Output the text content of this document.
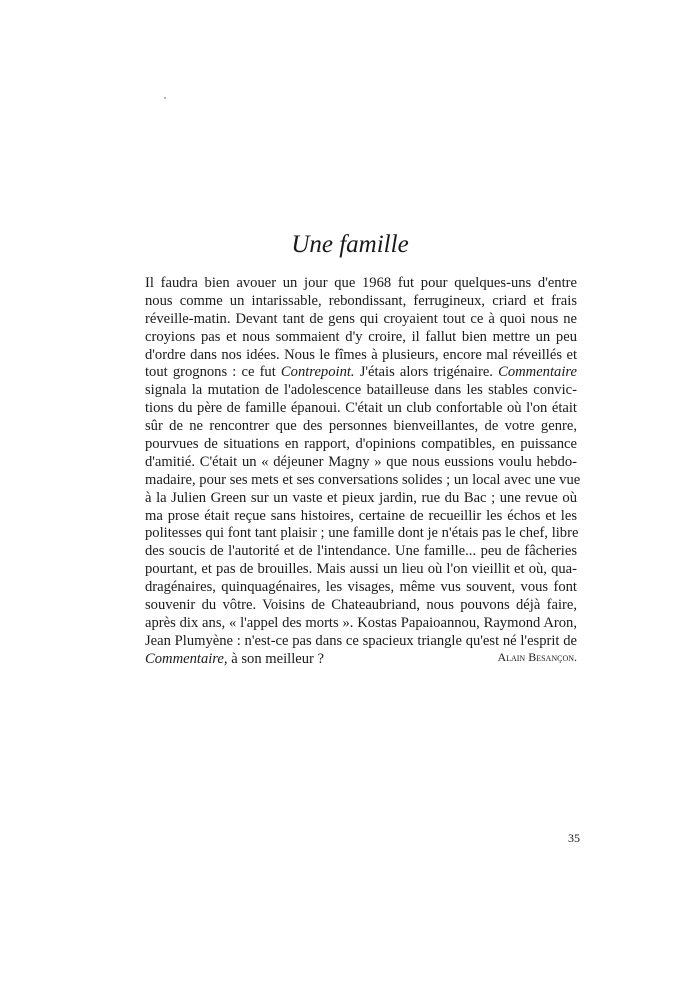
Une famille
Il faudra bien avouer un jour que 1968 fut pour quelques-uns d'entre
nous comme un intarissable, rebondissant, ferrugineux, criard et frais
réveille-matin. Devant tant de gens qui croyaient tout ce à quoi nous ne
croyions pas et nous sommaient d'y croire, il fallut bien mettre un peu
d'ordre dans nos idées. Nous le fîmes à plusieurs, encore mal réveillés et
tout grognons : ce fut Contrepoint. J'étais alors trigénaire. Commentaire
signala la mutation de l'adolescence batailleuse dans les stables convic-
tions du père de famille épanoui. C'était un club confortable où l'on était
sûr de ne rencontrer que des personnes bienveillantes, de votre genre,
pourvues de situations en rapport, d'opinions compatibles, en puissance
d'amitié. C'était un « déjeuner Magny » que nous eussions voulu hebdo-
madaire, pour ses mets et ses conversations solides ; un local avec une vue
à la Julien Green sur un vaste et pieux jardin, rue du Bac ; une revue où
ma prose était reçue sans histoires, certaine de recueillir les échos et les
politesses qui font tant plaisir ; une famille dont je n'étais pas le chef, libre
des soucis de l'autorité et de l'intendance. Une famille... peu de fâcheries
pourtant, et pas de brouilles. Mais aussi un lieu où l'on vieillit et où, qua-
dragénaires, quinquagénaires, les visages, même vus souvent, vous font
souvenir du vôtre. Voisins de Chateaubriand, nous pouvons déjà faire,
après dix ans, « l'appel des morts ». Kostas Papaioannou, Raymond Aron,
Jean Plumyène : n'est-ce pas dans ce spacieux triangle qu'est né l'esprit de
Commentaire, à son meilleur ?	Alain Besançon.

35
